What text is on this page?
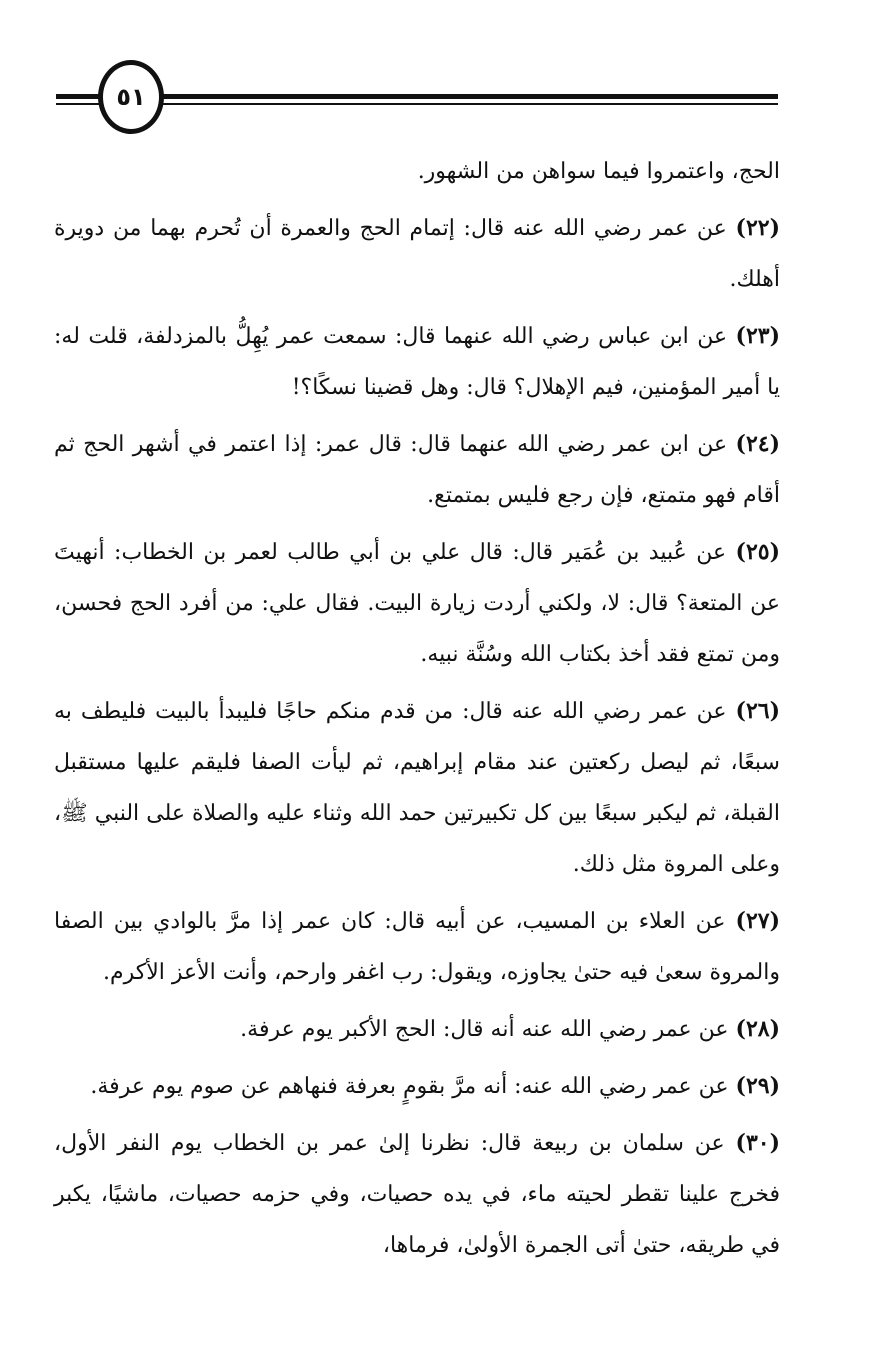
٥١

الحج، واعتمروا فيما سواهن من الشهور.

(٢٢) عن عمر رضي الله عنه قال: إتمام الحج والعمرة أن تُحرم بهما من دويرة أهلك.

(٢٣) عن ابن عباس رضي الله عنهما قال: سمعت عمر يُهِلُّ بالمزدلفة، قلت له: يا أمير المؤمنين، فيم الإهلال؟ قال: وهل قضينا نسكًا؟!

(٢٤) عن ابن عمر رضي الله عنهما قال: قال عمر: إذا اعتمر في أشهر الحج ثم أقام فهو متمتع، فإن رجع فليس بمتمتع.

(٢٥) عن عُبيد بن عُمَير قال: قال علي بن أبي طالب لعمر بن الخطاب: أنهيتَ عن المتعة؟ قال: لا، ولكني أردت زيارة البيت. فقال علي: من أفرد الحج فحسن، ومن تمتع فقد أخذ بكتاب الله وسُنَّة نبيه.

(٢٦) عن عمر رضي الله عنه قال: من قدم منكم حاجًا فليبدأ بالبيت فليطف به سبعًا، ثم ليصل ركعتين عند مقام إبراهيم، ثم ليأت الصفا فليقم عليها مستقبل القبلة، ثم ليكبر سبعًا بين كل تكبيرتين حمد الله وثناء عليه والصلاة على النبي ﷺ، وعلى المروة مثل ذلك.

(٢٧) عن العلاء بن المسيب، عن أبيه قال: كان عمر إذا مرَّ بالوادي بين الصفا والمروة سعىٰ فيه حتىٰ يجاوزه، ويقول: رب اغفر وارحم، وأنت الأعز الأكرم.

(٢٨) عن عمر رضي الله عنه أنه قال: الحج الأكبر يوم عرفة.

(٢٩) عن عمر رضي الله عنه: أنه مرَّ بقومٍ بعرفة فنهاهم عن صوم يوم عرفة.

(٣٠) عن سلمان بن ربيعة قال: نظرنا إلىٰ عمر بن الخطاب يوم النفر الأول، فخرج علينا تقطر لحيته ماء، في يده حصيات، وفي حزمه حصيات، ماشيًا، يكبر في طريقه، حتىٰ أتى الجمرة الأولىٰ، فرماها،
